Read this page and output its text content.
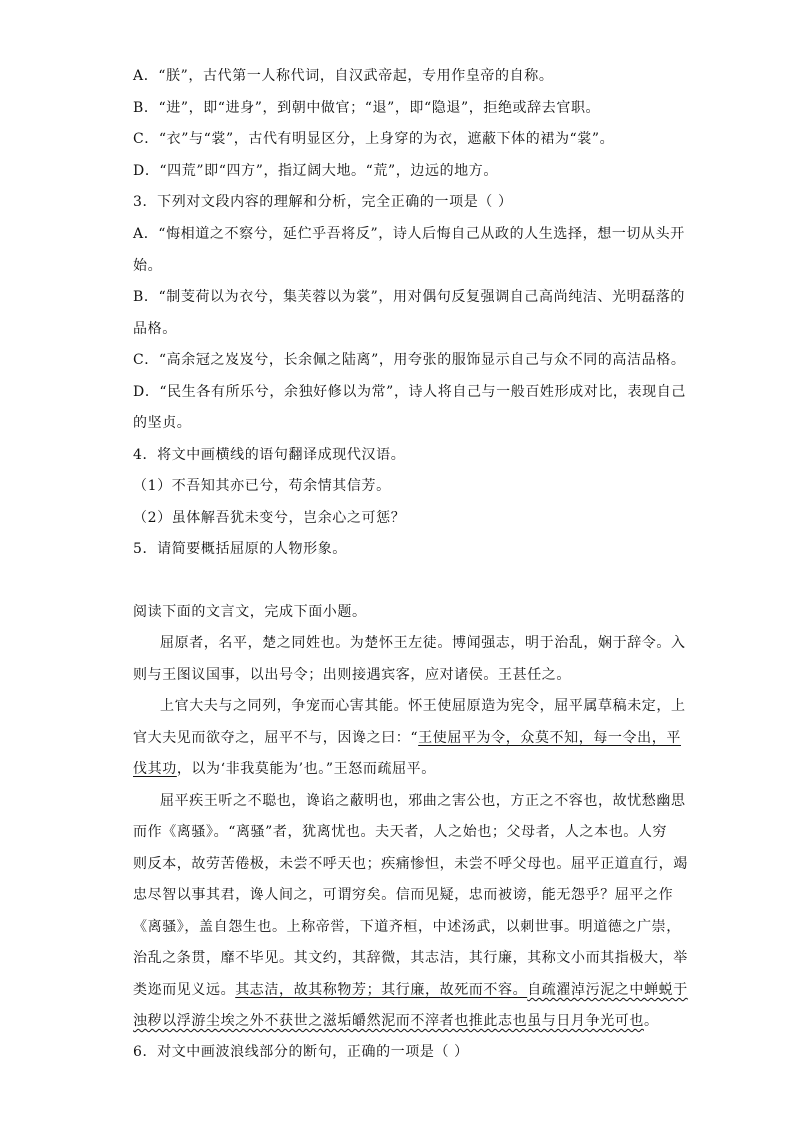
A．“朕”，古代第一人称代词，自汉武帝起，专用作皇帝的自称。
B．“进”，即“进身”，到朝中做官；“退”，即“隐退”，拒绝或辞去官职。
C．“衣”与“裳”，古代有明显区分，上身穿的为衣，遮蔽下体的裙为“裳”。
D．“四荒”即“四方”，指辽阔大地。“荒”，边远的地方。
3．下列对文段内容的理解和分析，完全正确的一项是（ ）
A．“悔相道之不察兮，延伫乎吾将反”，诗人后悔自己从政的人生选择，想一切从头开
始。
B．“制芰荷以为衣兮，集芙蓉以为裳”，用对偶句反复强调自己高尚纯洁、光明磊落的
品格。
C．“高余冠之岌岌兮，长余佩之陆离”，用夸张的服饰显示自己与众不同的高洁品格。
D．“民生各有所乐兮，余独好修以为常”，诗人将自己与一般百姓形成对比，表现自己
的坚贞。
4．将文中画横线的语句翻译成现代汉语。
（1）不吾知其亦已兮，苟余情其信芳。
（2）虽体解吾犹未变兮，岂余心之可惩？
5．请简要概括屈原的人物形象。
阅读下面的文言文，完成下面小题。
屈原者，名平，楚之同姓也。为楚怀王左徒。博闻强志，明于治乱，娴于辞令。入
则与王图议国事，以出号令；出则接遇宾客，应对诸侯。王甚任之。
上官大夫与之同列，争宠而心害其能。怀王使屈原造为宪令，屈平属草稿未定，上
官大夫见而欲夺之，屈平不与，因谗之曰：“王使屈平为令，众莫不知，每一令出，平
伐其功，以为‘非我莫能为’也。”王怒而疏屈平。
屈平疾王听之不聪也，谗谄之蔽明也，邪曲之害公也，方正之不容也，故忧愁幽思
而作《离骚》。“离骚”者，犹离忧也。夫天者，人之始也；父母者，人之本也。人穷
则反本，故劳苦倦极，未尝不呼天也；疾痛惨怛，未尝不呼父母也。屈平正道直行，竭
忠尽智以事其君，谗人间之，可谓穷矣。信而见疑，忠而被谤，能无怨乎？屈平之作
《离骚》，盖自怨生也。上称帝喾，下道齐桓，中述汤武，以刺世事。明道德之广崇，
治乱之条贯，靡不毕见。其文约，其辞微，其志洁，其行廉，其称文小而其指极大，举
类迩而见义远。其志洁，故其称物芳；其行廉，故死而不容。自疏濯淖污泥之中蝉蜕于
浊秽以浮游尘埃之外不获世之滋垢皭然泥而不滓者也推此志也虽与日月争光可也。
6．对文中画波浪线部分的断句，正确的一项是（ ）
